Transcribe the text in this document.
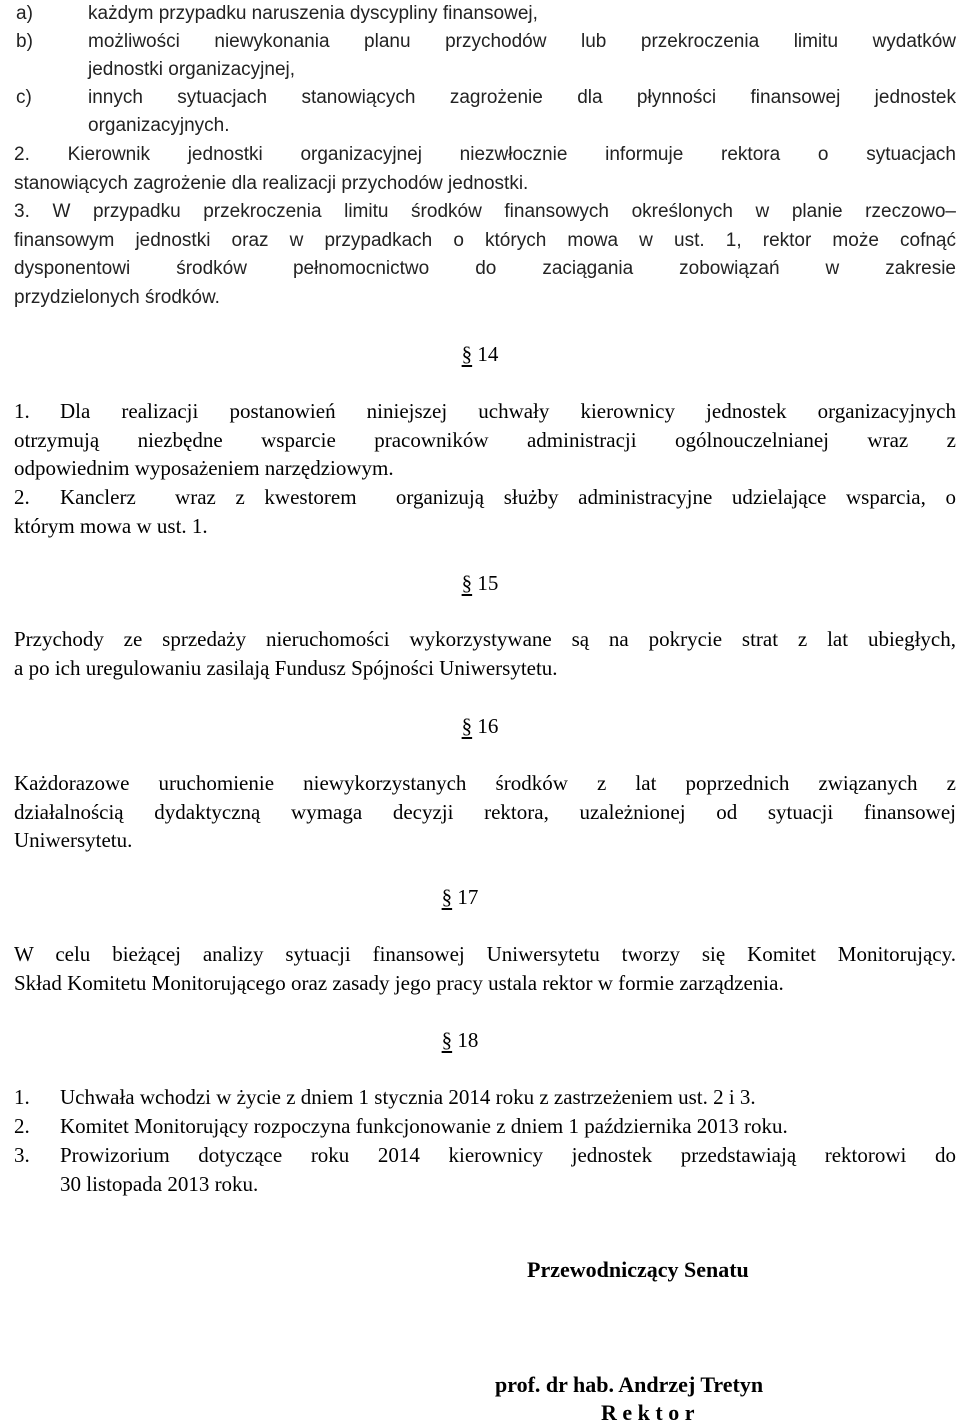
a)	każdym przypadku naruszenia dyscypliny finansowej,
b)	możliwości niewykonania planu przychodów lub przekroczenia limitu wydatków
jednostki organizacyjnej,
c)	innych sytuacjach stanowiących zagrożenie dla płynności finansowej jednostek
organizacyjnych.
2. Kierownik jednostki organizacyjnej niezwłocznie informuje rektora o sytuacjach
stanowiących zagrożenie dla realizacji przychodów jednostki.
3. W przypadku przekroczenia limitu środków finansowych określonych w planie rzeczowo–
finansowym jednostki oraz w przypadkach o których mowa w ust. 1, rektor może cofnąć
dysponentowi środków pełnomocnictwo do zaciągania zobowiązań w zakresie
przydzielonych środków.
§ 14
1. Dla realizacji postanowień niniejszej uchwały kierownicy jednostek organizacyjnych
otrzymują niezbędne wsparcie pracowników administracji ogólnouczelnianej wraz z
odpowiednim wyposażeniem narzędziowym.
2. Kanclerz  wraz z kwestorem  organizują służby administracyjne udzielające wsparcia, o
którym mowa w ust. 1.
§ 15
Przychody ze sprzedaży nieruchomości wykorzystywane są na pokrycie strat z lat ubiegłych,
a po ich uregulowaniu zasilają Fundusz Spójności Uniwersytetu.
§ 16
Każdorazowe uruchomienie niewykorzystanych środków z lat poprzednich związanych z
działalnością dydaktyczną wymaga decyzji rektora, uzależnionej od sytuacji finansowej
Uniwersytetu.
§ 17
W celu bieżącej analizy sytuacji finansowej Uniwersytetu tworzy się Komitet Monitorujący.
Skład Komitetu Monitorującego oraz zasady jego pracy ustala rektor w formie zarządzenia.
§ 18
1. Uchwała wchodzi w życie z dniem 1 stycznia 2014 roku z zastrzeżeniem ust. 2 i 3.
2. Komitet Monitorujący rozpoczyna funkcjonowanie z dniem 1 października 2013 roku.
3. Prowizorium dotyczące roku 2014 kierownicy jednostek przedstawiają rektorowi do
30 listopada 2013 roku.
Przewodniczący Senatu
prof. dr hab. Andrzej Tretyn
R e k t o r
